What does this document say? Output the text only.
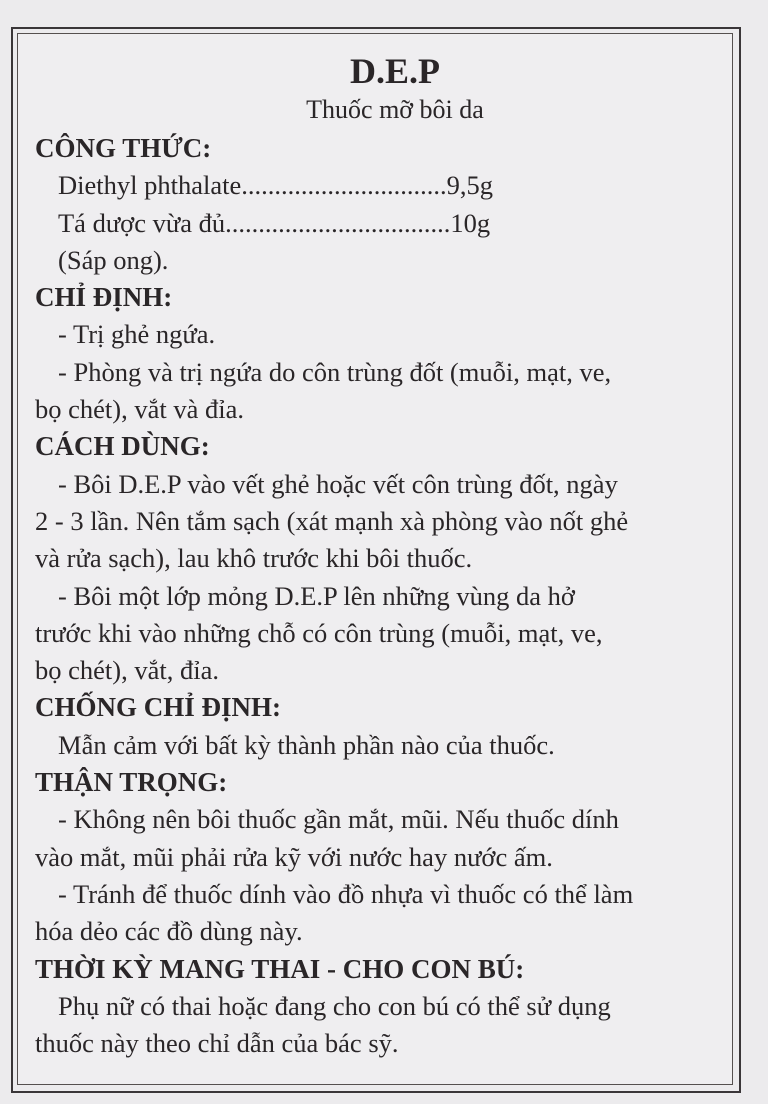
D.E.P
Thuốc mỡ bôi da
CÔNG THỨC:
Diethyl phthalate...............................9,5g
Tá dược vừa đủ..................................10g
(Sáp ong).
CHỈ ĐỊNH:
- Trị ghẻ ngứa.
- Phòng và trị ngứa do côn trùng đốt (muỗi, mạt, ve,
bọ chét), vắt và đỉa.
CÁCH DÙNG:
- Bôi D.E.P vào vết ghẻ hoặc vết côn trùng đốt, ngày
2 - 3 lần. Nên tắm sạch (xát mạnh xà phòng vào nốt ghẻ
và rửa sạch), lau khô trước khi bôi thuốc.
- Bôi một lớp mỏng D.E.P lên những vùng da hở
trước khi vào những chỗ có côn trùng (muỗi, mạt, ve,
bọ chét), vắt, đỉa.
CHỐNG CHỈ ĐỊNH:
Mẫn cảm với bất kỳ thành phần nào của thuốc.
THẬN TRỌNG:
- Không nên bôi thuốc gần mắt, mũi. Nếu thuốc dính
vào mắt, mũi phải rửa kỹ với nước hay nước ấm.
- Tránh để thuốc dính vào đồ nhựa vì thuốc có thể làm
hóa dẻo các đồ dùng này.
THỜI KỲ MANG THAI - CHO CON BÚ:
Phụ nữ có thai hoặc đang cho con bú có thể sử dụng
thuốc này theo chỉ dẫn của bác sỹ.
